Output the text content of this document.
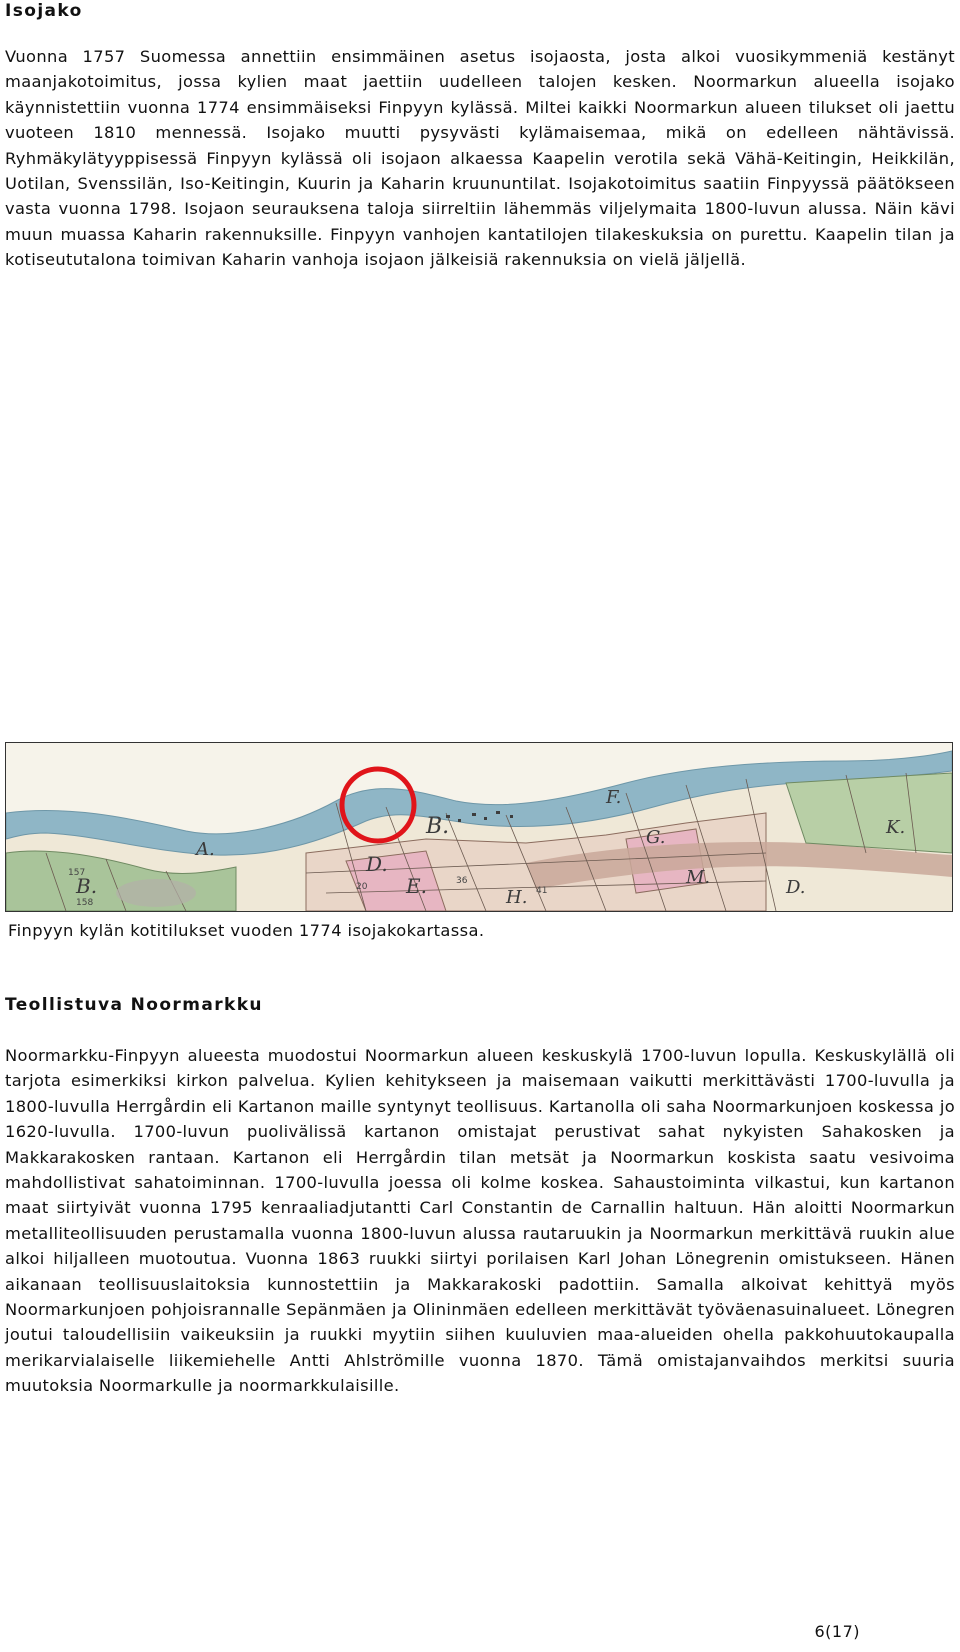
Isojako

Vuonna 1757 Suomessa annettiin ensimmäinen asetus isojaosta, josta alkoi vuosikymmeniä kestänyt maanjakotoimitus, jossa kylien maat jaettiin uudelleen talojen kesken. Noormarkun alueella isojako käynnistettiin vuonna 1774 ensimmäiseksi Finpyyn kylässä. Miltei kaikki Noormarkun alueen tilukset oli jaettu vuoteen 1810 mennessä. Isojako muutti pysyvästi kylämaisemaa, mikä on edelleen nähtävissä. Ryhmäkylätyyppisessä Finpyyn kylässä oli isojaon alkaessa Kaapelin verotila sekä Vähä-Keitingin, Heikkilän, Uotilan, Svenssilän, Iso-Keitingin, Kuurin ja Kaharin kruununtilat. Isojakotoimitus saatiin Finpyyssä päätökseen vasta vuonna 1798. Isojaon seurauksena taloja siirreltiin lähemmäs viljelymaita 1800-luvun alussa. Näin kävi muun muassa Kaharin rakennuksille. Finpyyn vanhojen kantatilojen tilakeskuksia on purettu. Kaapelin tilan ja kotiseututalona toimivan Kaharin vanhoja isojaon jälkeisiä rakennuksia on vielä jäljellä.

B.
D.
E.
F.
G.
M.	D.
A.
B.	H.
K.
157
158
20
36
41
Finpyyn kylän kotitilukset vuoden 1774 isojakokartassa.
Teollistuva Noormarkku

Noormarkku-Finpyyn alueesta muodostui Noormarkun alueen keskuskylä 1700-luvun lopulla. Keskuskylällä oli tarjota esimerkiksi kirkon palvelua. Kylien kehitykseen ja maisemaan vaikutti merkittävästi 1700-luvulla ja 1800-luvulla Herrgårdin eli Kartanon maille syntynyt teollisuus. Kartanolla oli saha Noormarkunjoen koskessa jo 1620-luvulla. 1700-luvun puolivälissä kartanon omistajat perustivat sahat nykyisten Sahakosken ja Makkarakosken rantaan. Kartanon eli Herrgårdin tilan metsät ja Noormarkun koskista saatu vesivoima mahdollistivat sahatoiminnan. 1700-luvulla joessa oli kolme koskea. Sahaustoiminta vilkastui, kun kartanon maat siirtyivät vuonna 1795 kenraaliadjutantti Carl Constantin de Carnallin haltuun. Hän aloitti Noormarkun metalliteollisuuden perustamalla vuonna 1800-luvun alussa rautaruukin ja Noormarkun merkittävä ruukin alue alkoi hiljalleen muotoutua. Vuonna 1863 ruukki siirtyi porilaisen Karl Johan Lönegrenin omistukseen. Hänen aikanaan teollisuuslaitoksia kunnostettiin ja Makkarakoski padottiin. Samalla alkoivat kehittyä myös Noormarkunjoen pohjoisrannalle Sepänmäen ja Olininmäen edelleen merkittävät työväenasuinalueet. Lönegren joutui taloudellisiin vaikeuksiin ja ruukki myytiin siihen kuuluvien maa-alueiden ohella pakkohuutokaupalla merikarvialaiselle liikemiehelle Antti Ahlströmille vuonna 1870. Tämä omistajanvaihdos merkitsi suuria muutoksia Noormarkulle ja noormarkkulaisille.

6(17)
